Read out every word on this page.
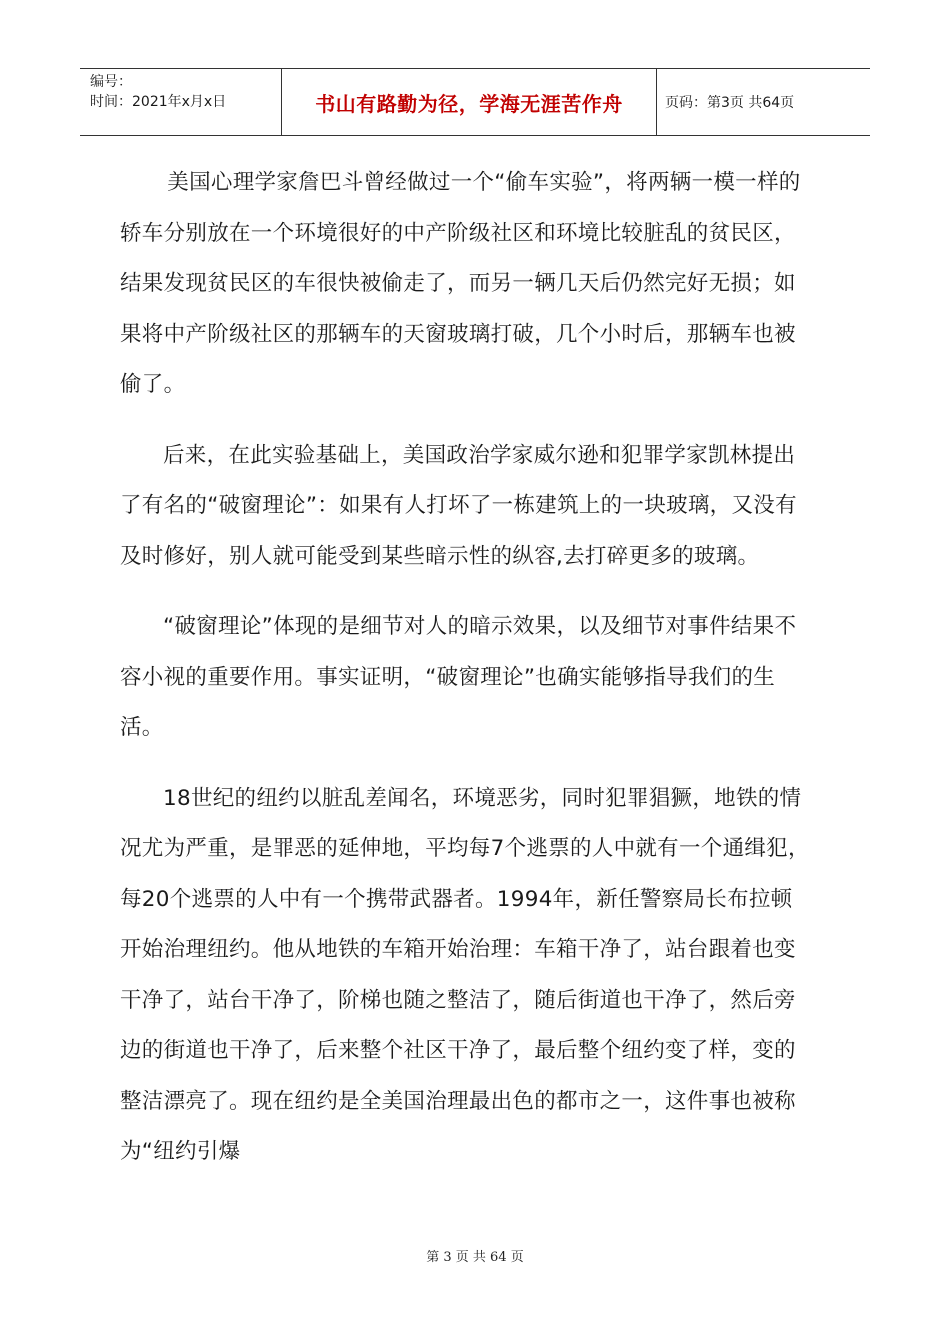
编号：
时间：2021年x月x日	书山有路勤为径，学海无涯苦作舟	页码：第3页 共64页

美国心理学家詹巴斗曾经做过一个“偷车实验”，将两辆一模一样的轿车分别放在一个环境很好的中产阶级社区和环境比较脏乱的贫民区，结果发现贫民区的车很快被偷走了，而另一辆几天后仍然完好无损；如果将中产阶级社区的那辆车的天窗玻璃打破，几个小时后，那辆车也被偷了。

后来，在此实验基础上，美国政治学家威尔逊和犯罪学家凯林提出了有名的“破窗理论”：如果有人打坏了一栋建筑上的一块玻璃，又没有及时修好，别人就可能受到某些暗示性的纵容,去打碎更多的玻璃。

“破窗理论”体现的是细节对人的暗示效果，以及细节对事件结果不容小视的重要作用。事实证明，“破窗理论”也确实能够指导我们的生活。

18世纪的纽约以脏乱差闻名，环境恶劣，同时犯罪猖獗，地铁的情况尤为严重，是罪恶的延伸地，平均每7个逃票的人中就有一个通缉犯，每20个逃票的人中有一个携带武器者。1994年，新任警察局长布拉顿开始治理纽约。他从地铁的车箱开始治理：车箱干净了，站台跟着也变干净了，站台干净了，阶梯也随之整洁了，随后街道也干净了，然后旁边的街道也干净了，后来整个社区干净了，最后整个纽约变了样，变的整洁漂亮了。现在纽约是全美国治理最出色的都市之一，这件事也被称为“纽约引爆

第 3 页 共 64 页
